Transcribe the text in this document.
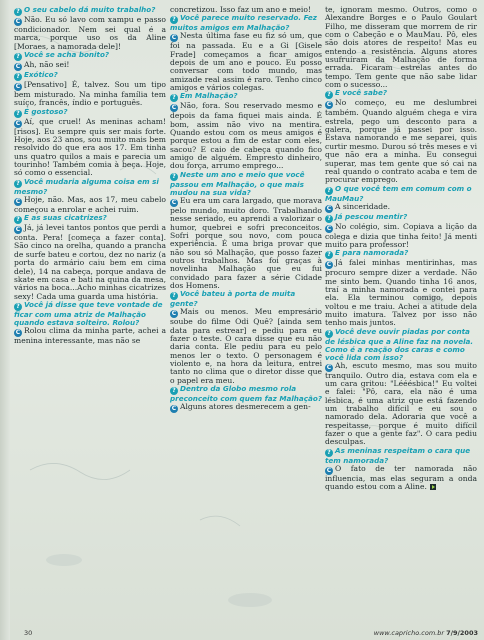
? O seu cabelo dá muito trabalho?
C Não. Eu só lavo com xampu e passo condicionador. Nem sei qual é a marca, porque uso os da Aline [Moraes, a namorada dele]!
? Você se acha bonito?
C Ah, não sei!
? Exótico?
C [Pensativo] É, talvez. Sou um tipo bem misturado. Na minha família tem suíço, francês, índio e português.
? É gostoso?
C Aí, que cruel! As meninas acham! [risos]. Eu sempre quis ser mais forte. Hoje, aos 23 anos, sou muito mais bem resolvido do que era aos 17. Em tinha uns quatro quilos a mais e parecia um tourinho! Também comia à beça. Hoje, só como o essencial.
? Você mudaria alguma coisa em si mesmo?
C Hoje, não. Mas, aos 17, meu cabelo começou a enrolar e achei ruim.
? E as suas cicatrizes?
C Já, já levei tantos pontos que perdi a conta. Pera! [começa a fazer conta]. São cinco na orelha, quando a prancha de surfe bateu e cortou, dez no nariz (a porta do armário caiu bem em cima dele), 14 na cabeça, porque andava de skate em casa e bati na quina da mesa, vários na boca...Acho minhas cicatrizes sexy! Cada uma guarda uma história.
? Você já disse que teve vontade de ficar com uma atriz de Malhação quando estava solteiro. Rolou?
C Rolou clima da minha parte, achei a menina interessante, mas não se
concretizou. Isso faz um ano e meio!
? Você parece muito reservado. Fez muitos amigos em Malhação?
C Nesta última fase eu fiz só um, que foi na passada. Eu e a Gi [Gisele Frade] começamos a ficar amigos depois de um ano e pouco. Eu posso conversar com todo mundo, mas amizade real assim é raro. Tenho cinco amigos e vários colegas.
? Em Malhação?
C Não, fora. Sou reservado mesmo e depois da fama fiquei mais ainda. É bom, assim não vivo na mentira. Quando estou com os meus amigos é porque estou a fim de estar com eles, sacou? E caio de cabeça quando fico amigo de alguém. Empresto dinheiro, dou força, arrumo emprego...
? Neste um ano e meio que você passou em Malhação, o que mais mudou na sua vida?
C Eu era um cara largado, que morava pelo mundo, muito doro. Trabalhando nesse seriado, eu aprendi a valorizar o humor, quebrei e sofri preconceitos. Sofri porque sou novo, com pouca experiência. É uma briga provar que não sou só Malhação, que posso fazer outros trabalhos. Mas foi graças à novelinha Malhação que eu fui convidado para fazer a série Cidade dos Homens.
? Você bateu à porta de muita gente?
C Mais ou menos. Meu empresário soube do filme Odi Quê? [ainda sem data para estrear] e pediu para eu fazer o teste. O cara disse que eu não daria conta. Ele pediu para eu pelo menos ler o texto. O personagem é violento e, na hora da leitura, entrei tanto no clima que o diretor disse que o papel era meu.
? Dentro da Globo mesmo rola preconceito com quem faz Malhação?
C Alguns atores desmerecem a gen-
te, ignoram mesmo. Outros, como o Alexandre Borges e o Paulo Goulart Filho, me disseram que morrem de rir com o Cabeção e o MauMau. Pô, eles são dois atores de respeito! Mas eu entendo a resistência. Alguns atores usufruíram da Malhação de forma errada. Ficaram estrelas antes do tempo. Tem gente que não sabe lidar com o sucesso...
? E você sabe?
C No começo, eu me deslumbrei também. Quando alguém chega e vira estrela, pego um desconto para a galera, porque já passei por isso. Estava namorando e me separei, quis curtir mesmo. Durou só três meses e vi que não era a minha. Eu consegui superar, mas tem gente que só cai na real quando o contrato acaba e tem de procurar emprego.
? O que você tem em comum com o MauMau?
C A sinceridade.
? Já pescou mentir?
C No colégio, sim. Copiava a lição da colega e dizia que tinha feito! Já menti muito para professor!
? E para namorada?
C Já falei minhas mentirinhas, mas procuro sempre dizer a verdade. Não me sinto bem. Quando tinha 16 anos, traí a minha namorada e contei para ela. Ela terminou comigo, depois voltou e me traiu. Achei a atitude dela muito imatura. Talvez por isso não tenho mais juntos.
? Você deve ouvir piadas por conta de lésbica que a Aline faz na novela. Como é a reação dos caras e como você lida com isso?
C Ah, escuto mesmo, mas sou muito tranquilo. Outro dia, estava com ela e um cara gritou: "Lééésbica!" Eu voltei e falei: "Pô, cara, ela não é uma lésbica, é uma atriz que está fazendo um trabalho difícil e eu sou o namorado dela. Adoraria que você a respeitasse, porque é muito difícil fazer o que a gente faz". O cara pediu desculpas.
? As meninas respeitam o cara que tem namorada?
C O fato de ter namorada não influencia, mas elas seguram a onda quando estou com a Aline.
30	www.capricho.com.br 7/9/2003
